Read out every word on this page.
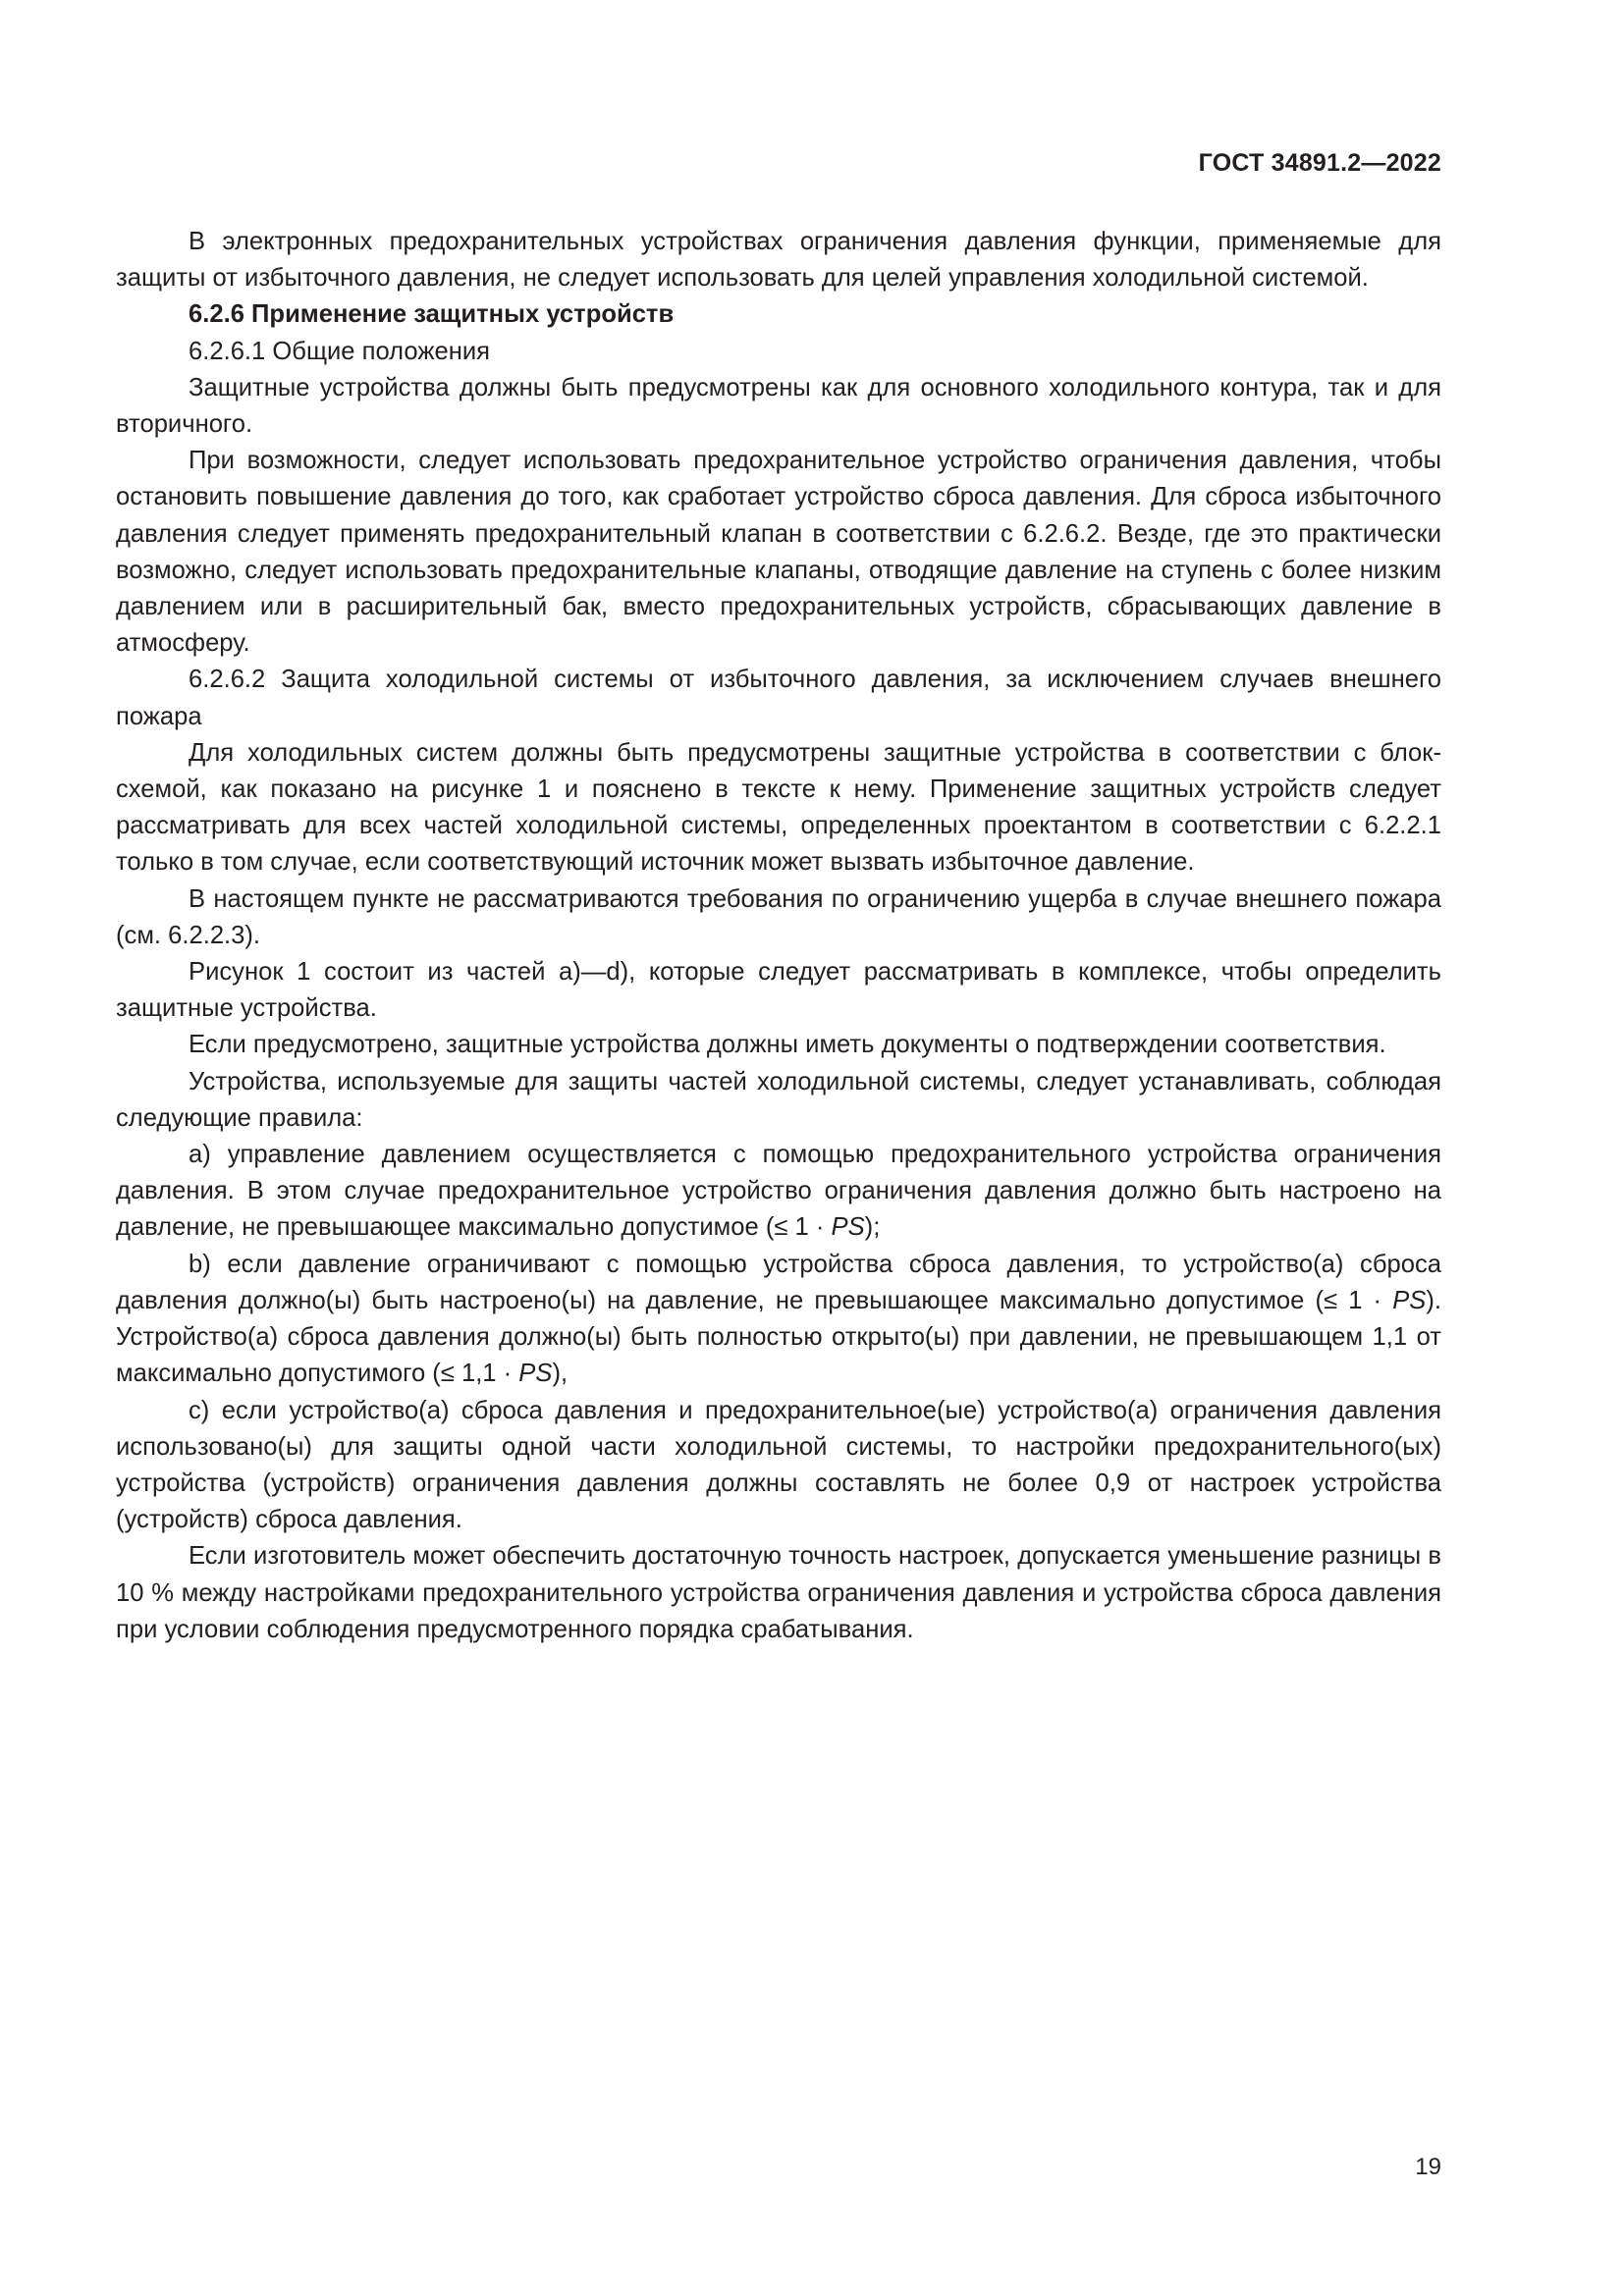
ГОСТ 34891.2—2022

В электронных предохранительных устройствах ограничения давления функции, применяемые для защиты от избыточного давления, не следует использовать для целей управления холодильной системой.

6.2.6 Применение защитных устройств

6.2.6.1 Общие положения

Защитные устройства должны быть предусмотрены как для основного холодильного контура, так и для вторичного.

При возможности, следует использовать предохранительное устройство ограничения давления, чтобы остановить повышение давления до того, как сработает устройство сброса давления. Для сброса избыточного давления следует применять предохранительный клапан в соответствии с 6.2.6.2. Везде, где это практически возможно, следует использовать предохранительные клапаны, отводящие давление на ступень с более низким давлением или в расширительный бак, вместо предохранительных устройств, сбрасывающих давление в атмосферу.

6.2.6.2 Защита холодильной системы от избыточного давления, за исключением случаев внешнего пожара

Для холодильных систем должны быть предусмотрены защитные устройства в соответствии с блок-схемой, как показано на рисунке 1 и пояснено в тексте к нему. Применение защитных устройств следует рассматривать для всех частей холодильной системы, определенных проектантом в соответствии с 6.2.2.1 только в том случае, если соответствующий источник может вызвать избыточное давление.

В настоящем пункте не рассматриваются требования по ограничению ущерба в случае внешнего пожара (см. 6.2.2.3).

Рисунок 1 состоит из частей а)—d), которые следует рассматривать в комплексе, чтобы определить защитные устройства.

Если предусмотрено, защитные устройства должны иметь документы о подтверждении соответствия.

Устройства, используемые для защиты частей холодильной системы, следует устанавливать, соблюдая следующие правила:

а) управление давлением осуществляется с помощью предохранительного устройства ограничения давления. В этом случае предохранительное устройство ограничения давления должно быть настроено на давление, не превышающее максимально допустимое (≤ 1 · PS);

b) если давление ограничивают с помощью устройства сброса давления, то устройство(а) сброса давления должно(ы) быть настроено(ы) на давление, не превышающее максимально допустимое (≤ 1 · PS). Устройство(а) сброса давления должно(ы) быть полностью открыто(ы) при давлении, не превышающем 1,1 от максимально допустимого (≤ 1,1 · PS),

с) если устройство(а) сброса давления и предохранительное(ые) устройство(а) ограничения давления использовано(ы) для защиты одной части холодильной системы, то настройки предохранительного(ых) устройства (устройств) ограничения давления должны составлять не более 0,9 от настроек устройства (устройств) сброса давления.

Если изготовитель может обеспечить достаточную точность настроек, допускается уменьшение разницы в 10 % между настройками предохранительного устройства ограничения давления и устройства сброса давления при условии соблюдения предусмотренного порядка срабатывания.

19
